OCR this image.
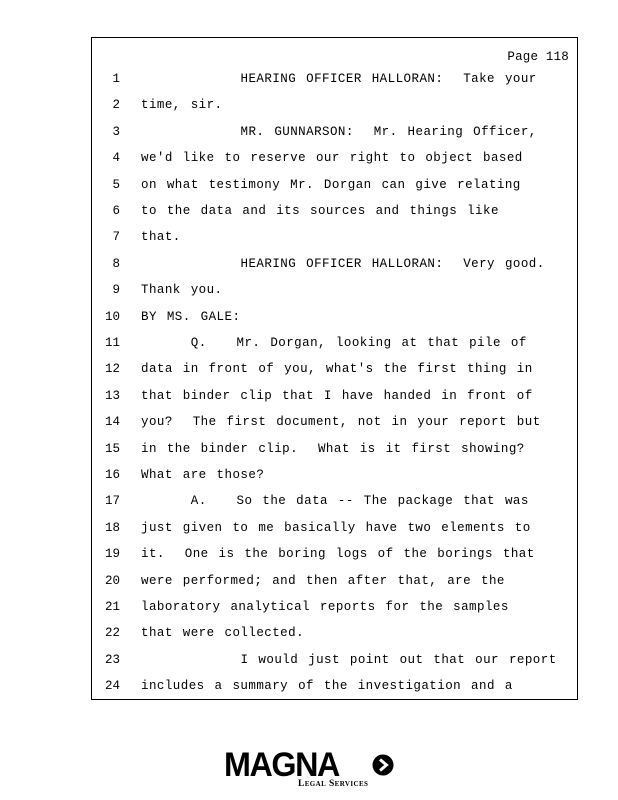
Page 118
1 HEARING OFFICER HALLORAN:  Take your
2 time, sir.
3 MR. GUNNARSON:  Mr. Hearing Officer,
4 we'd like to reserve our right to object based
5 on what testimony Mr. Dorgan can give relating
6 to the data and its sources and things like
7 that.
8 HEARING OFFICER HALLORAN:  Very good.
9 Thank you.
10 BY MS. GALE:
11 Q.   Mr. Dorgan, looking at that pile of
12 data in front of you, what's the first thing in
13 that binder clip that I have handed in front of
14 you?  The first document, not in your report but
15 in the binder clip.  What is it first showing?
16 What are those?
17 A.   So the data -- The package that was
18 just given to me basically have two elements to
19 it.  One is the boring logs of the borings that
20 were performed; and then after that, are the
21 laboratory analytical reports for the samples
22 that were collected.
23 I would just point out that our report
24 includes a summary of the investigation and a
MAGNA
Legal Services
